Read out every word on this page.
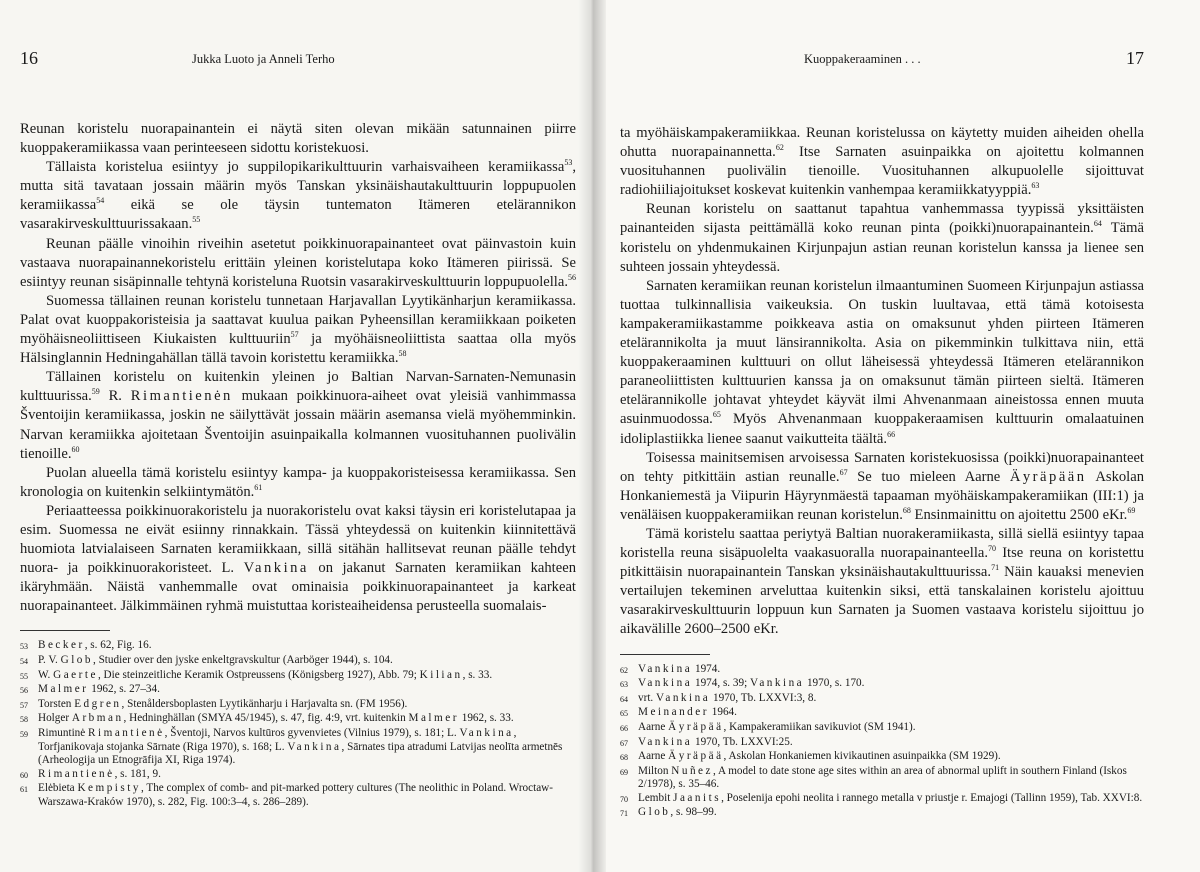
16	Jukka Luoto ja Anneli Terho

Reunan koristelu nuorapainantein ei näytä siten olevan mikään satunnainen piirre kuoppakeramiikassa vaan perinteeseen sidottu koristekuosi.

Tällaista koristelua esiintyy jo suppilopikarikulttuurin varhaisvaiheen keramiikassa$^{53}$, mutta sitä tavataan jossain määrin myös Tanskan yksinäishautakulttuurin loppupuolen keramiikassa$^{54}$ eikä se ole täysin tuntematon Itämeren etelärannikon vasarakirveskulttuurissakaan.$^{55}$

Reunan päälle vinoihin riveihin asetetut poikkinuorapainanteet ovat päinvastoin kuin vastaava nuorapainannekoristelu erittäin yleinen koristelutapa koko Itämeren piirissä. Se esiintyy reunan sisäpinnalle tehtynä koristeluna Ruotsin vasarakirveskulttuurin loppupuolella.$^{56}$

Suomessa tällainen reunan koristelu tunnetaan Harjavallan Lyytikänharjun keramiikassa. Palat ovat kuoppakoristeisia ja saattavat kuulua paikan Pyheensillan keramiikkaan poiketen myöhäisneoliittiseen Kiukaisten kulttuuriin$^{57}$ ja myöhäisneoliittista saattaa olla myös Hälsinglannin Hedningahällan tällä tavoin koristettu keramiikka.$^{58}$

Tällainen koristelu on kuitenkin yleinen jo Baltian Narvan-Sarnaten-Nemunasin kulttuurissa.$^{59}$ R. Rimantienėn mukaan poikkinuora-aiheet ovat yleisiä vanhimmassa Šventoijin keramiikassa, joskin ne säilyttävät jossain määrin asemansa vielä myöhemminkin. Narvan keramiikka ajoitetaan Šventoijin asuinpaikalla kolmannen vuosituhannen puolivälin tienoille.$^{60}$

Puolan alueella tämä koristelu esiintyy kampa- ja kuoppakoristeisessa keramiikassa. Sen kronologia on kuitenkin selkiintymätön.$^{61}$

Periaatteessa poikkinuorakoristelu ja nuorakoristelu ovat kaksi täysin eri koristelutapaa ja esim. Suomessa ne eivät esiinny rinnakkain. Tässä yhteydessä on kuitenkin kiinnitettävä huomiota latvialaiseen Sarnaten keramiikkaan, sillä sitähän hallitsevat reunan päälle tehdyt nuora- ja poikkinuorakoristeet. L. Vankina on jakanut Sarnaten keramiikan kahteen ikäryhmään. Näistä vanhemmalle ovat ominaisia poikkinuorapainanteet ja karkeat nuorapainanteet. Jälkimmäinen ryhmä muistuttaa koristeaiheidensa perusteella suomalais-

53 Becker, s. 62, Fig. 16.
54 P. V. Glob, Studier over den jyske enkeltgravskultur (Aarböger 1944), s. 104.
55 W. Gaerte, Die steinzeitliche Keramik Ostpreussens (Königsberg 1927), Abb. 79; Kilian, s. 33.
56 Malmer 1962, s. 27–34.
57 Torsten Edgren, Stenåldersboplasten Lyytikänharju i Harjavalta sn. (FM 1956).
58 Holger Arbman, Hedninghällan (SMYA 45/1945), s. 47, fig. 4:9, vrt. kuitenkin Malmer 1962, s. 33.
59 Rimuntinė Rimantienė, Šventoji, Narvos kultūros gyvenvietes (Vilnius 1979), s. 181; L. Vankina, Torfjanikovaja stojanka Sārnate (Riga 1970), s. 168; L. Vankina, Sārnates tipa atradumi Latvijas neolīta armetnēs (Arheologija un Etnogrāfija XI, Riga 1974).
60 Rimantienė, s. 181, 9.
61 Elėbieta Kempisty, The complex of comb- and pit-marked pottery cultures (The neolithic in Poland. Wroctaw-Warszawa-Kraków 1970), s. 282, Fig. 100:3–4, s. 286–289).
Kuoppakeraaminen . . .	17

ta myöhäiskampakeramiikkaa. Reunan koristelussa on käytetty muiden aiheiden ohella ohutta nuorapainannetta.$^{62}$ Itse Sarnaten asuinpaikka on ajoitettu kolmannen vuosituhannen puolivälin tienoille. Vuosituhannen alkupuolelle sijoittuvat radiohiiliajoitukset koskevat kuitenkin vanhempaa keramiikkatyyppiä.$^{63}$

Reunan koristelu on saattanut tapahtua vanhemmassa tyypissä yksittäisten painanteiden sijasta peittämällä koko reunan pinta (poikki)nuorapainantein.$^{64}$ Tämä koristelu on yhdenmukainen Kirjunpajun astian reunan koristelun kanssa ja lienee sen suhteen jossain yhteydessä.

Sarnaten keramiikan reunan koristelun ilmaantuminen Suomeen Kirjunpajun astiassa tuottaa tulkinnallisia vaikeuksia. On tuskin luultavaa, että tämä kotoisesta kampakeramiikastamme poikkeava astia on omaksunut yhden piirteen Itämeren etelärannikolta ja muut länsirannikolta. Asia on pikemminkin tulkittava niin, että kuoppakeraaminen kulttuuri on ollut läheisessä yhteydessä Itämeren etelärannikon paraneoliittisten kulttuurien kanssa ja on omaksunut tämän piirteen sieltä. Itämeren etelärannikolle johtavat yhteydet käyvät ilmi Ahvenanmaan aineistossa ennen muuta asuinmuodossa.$^{65}$ Myös Ahvenanmaan kuoppakeraamisen kulttuurin omalaatuinen idoliplastiikka lienee saanut vaikutteita täältä.$^{66}$

Toisessa mainitsemisen arvoisessa Sarnaten koristekuosissa (poikki)nuorapainanteet on tehty pitkittäin astian reunalle.$^{67}$ Se tuo mieleen Aarne Äyräpään Askolan Honkaniemestä ja Viipurin Häyrynmäestä tapaaman myöhäiskampakeramiikan (III:1) ja venäläisen kuoppakeramiikan reunan koristelun.$^{68}$ Ensinmainittu on ajoitettu 2500 eKr.$^{69}$

Tämä koristelu saattaa periytyä Baltian nuorakeramiikasta, sillä siellä esiintyy tapaa koristella reuna sisäpuolelta vaakasuoralla nuorapainanteella.$^{70}$ Itse reuna on koristettu pitkittäisin nuorapainantein Tanskan yksinäishautakulttuurissa.$^{71}$ Näin kauaksi menevien vertailujen tekeminen arveluttaa kuitenkin siksi, että tanskalainen koristelu ajoittuu vasarakirveskulttuurin loppuun kun Sarnaten ja Suomen vastaava koristelu sijoittuu jo aikavälille 2600–2500 eKr.

62 Vankina 1974.
63 Vankina 1974, s. 39; Vankina 1970, s. 170.
64 vrt. Vankina 1970, Tb. LXXVI:3, 8.
65 Meinander 1964.
66 Aarne Äyräpää, Kampakeramiikan savikuviot (SM 1941).
67 Vankina 1970, Tb. LXXVI:25.
68 Aarne Äyräpää, Askolan Honkaniemen kivikautinen asuinpaikka (SM 1929).
69 Milton Nuñez, A model to date stone age sites within an area of abnormal uplift in southern Finland (Iskos 2/1978), s. 35–46.
70 Lembit Jaanits, Poselenija epohi neolita i rannego metalla v priustje r. Emajogi (Tallinn 1959), Tab. XXVI:8.
71 Glob, s. 98–99.
